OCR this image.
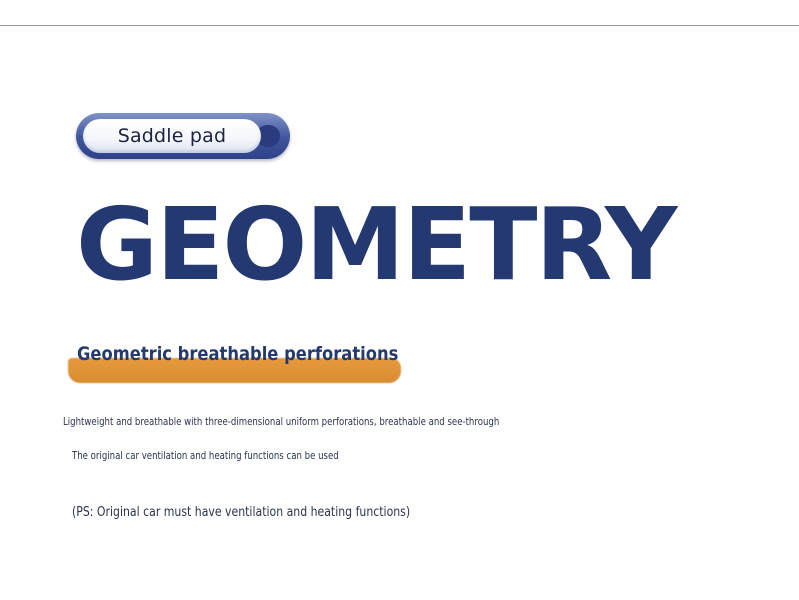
Saddle pad
GEOMETRY
Geometric breathable perforations

Lightweight and breathable with three-dimensional uniform perforations, breathable and see-through

The original car ventilation and heating functions can be used

(PS: Original car must have ventilation and heating functions)
